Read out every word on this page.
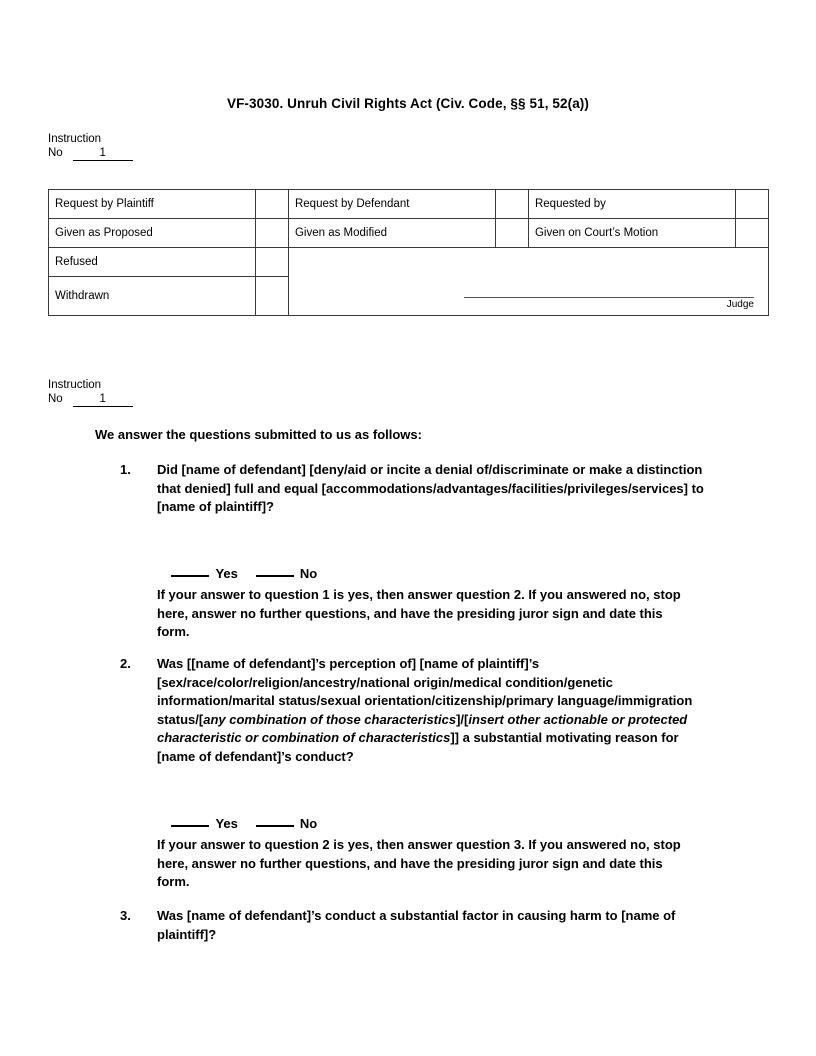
VF-3030. Unruh Civil Rights Act (Civ. Code, §§ 51, 52(a))
Instruction
No	1
Request by Plaintiff		Request by Defendant		Requested by	
Given as Proposed		Given as Modified		Given on Court’s Motion	
Refused		Judge			

Withdrawn					
Instruction
No	1
We answer the questions submitted to us as follows:
1.	Did [name of defendant] [deny/aid or incite a denial of/discriminate or make a distinction that denied] full and equal [accommodations/advantages/facilities/privileges/services] to [name of plaintiff]?

Yes	No

If your answer to question 1 is yes, then answer question 2. If you answered no, stop here, answer no further questions, and have the presiding juror sign and date this form.
2.	Was [[name of defendant]’s perception of] [name of plaintiff]’s [sex/race/color/religion/ancestry/national origin/medical condition/genetic information/marital status/sexual orientation/citizenship/primary language/immigration status/[any combination of those characteristics]/[insert other actionable or protected characteristic or combination of characteristics]] a substantial motivating reason for [name of defendant]’s conduct?

Yes	No

If your answer to question 2 is yes, then answer question 3. If you answered no, stop here, answer no further questions, and have the presiding juror sign and date this form.
3.	Was [name of defendant]’s conduct a substantial factor in causing harm to [name of plaintiff]?
